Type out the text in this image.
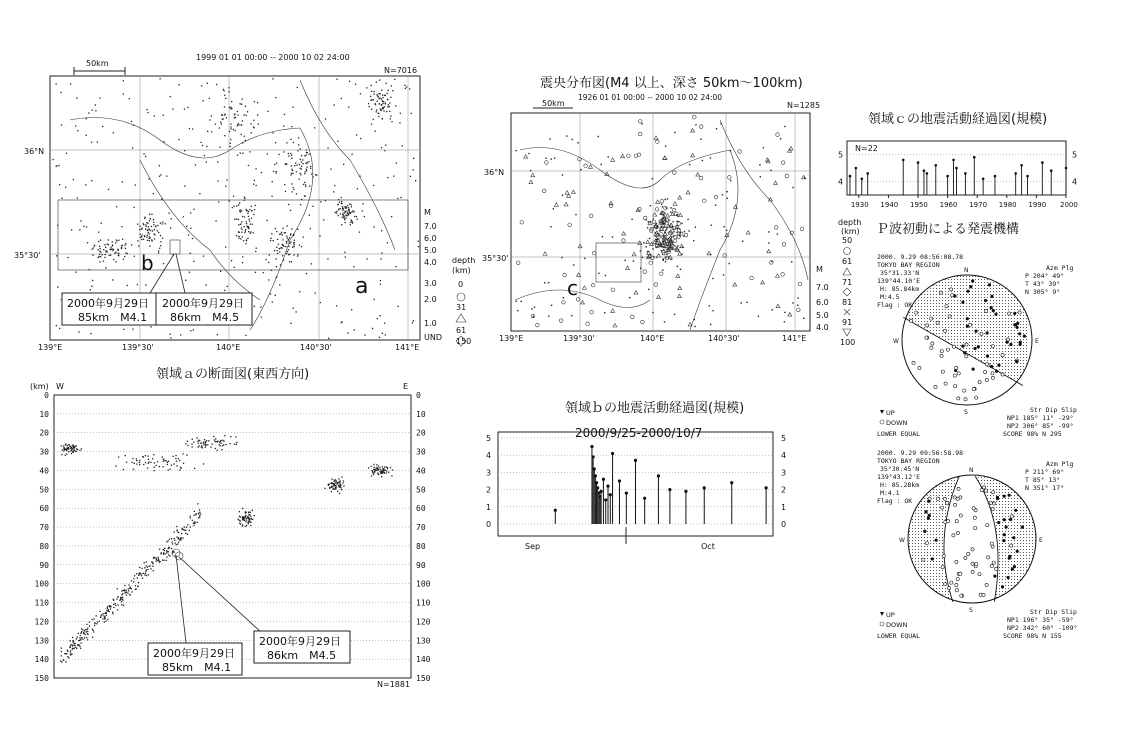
1999 01 01 00:00 -- 2000 10 02 24:00
N=7016
50km
a
b
2000年9月29日
85km　M4.1
2000年9月29日
86km　M4.5
36°N
35°30'
139°E	139°30'	140°E	140°30'	141°E
M
7.0
6.0
5.0
4.0
3.0
2.0
1.0
UND
depth
(km)
0
31
61
150
領域ａの断面図(東西方向)
(km) W	E
0
10
20
30
40
50
60
70
80
90
100
110
120
130
140
150
0
10
20
30
40
50
60
70
80
90
100
110
120
130
140
150
2000年9月29日
86km　M4.5
2000年9月29日
85km　M4.1
N=1881
震央分布図(M4 以上、深さ 50km～100km)
1926 01 01 00:00 -- 2000 10 02 24:00
N=1285
50km
c
36°N
35°30'
139°E	139°30'	140°E	140°30'	141°E
M
7.0
6.0
5.0
4.0
depth
(km)
50
61
71
81
91
100
領域ｂの地震活動経過図(規模)
2000/9/25-2000/10/7
0	0
1	1
2	2
3	3
4	4
5	5
Sep	Oct
領域ｃの地震活動経過図(規模)
N=22
4	4
5	5
1930 1940 1950 1960 1970 1980 1990 2000
Ｐ波初動による発震機構
2000. 9.29 08:56:08.78
TOKYO BAY REGION
35°31.33'N
139°44.10'E
H: 85.84km
M:4.5
Flag : OK
Azm Plg
P 204° 49°
T 43° 39°
N 305° 9°
Str Dip Slip
NP1 185° 11° -29°
NP2 306° 85° -99°
SCORE 98% N 295
LOWER EQUAL
UP
DOWN
N
S
W	E
2000. 9.29 09:56:58.98
TOKYO BAY REGION
35°30.45'N
139°43.12'E
H: 85.28km
M:4.1
Flag : OK
Azm Plg
P 211° 69°
T 85° 13°
N 351° 17°
Str Dip Slip
NP1 196° 35° -59°
NP2 342° 60° -109°
SCORE 98% N 155
LOWER EQUAL
UP
DOWN
N
S
W	E
